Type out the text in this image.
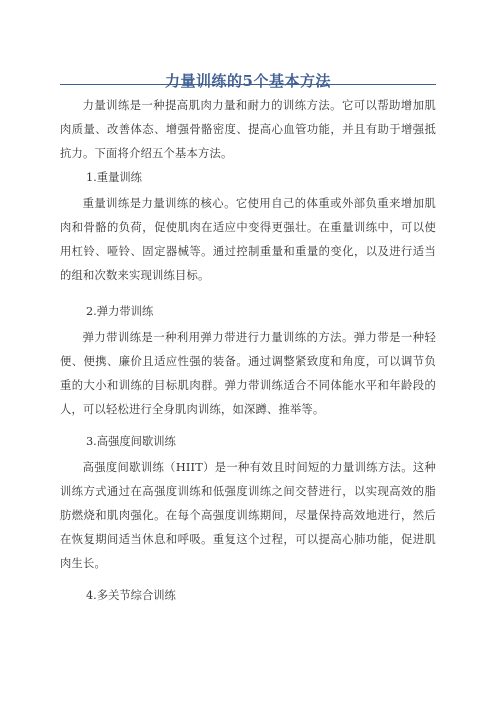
力量训练的5个基本方法

力量训练是一种提高肌肉力量和耐力的训练方法。它可以帮助增加肌肉质量、改善体态、增强骨骼密度、提高心血管功能，并且有助于增强抵抗力。下面将介绍五个基本方法。

1.重量训练

重量训练是力量训练的核心。它使用自己的体重或外部负重来增加肌肉和骨骼的负荷，促使肌肉在适应中变得更强壮。在重量训练中，可以使用杠铃、哑铃、固定器械等。通过控制重量和重量的变化，以及进行适当的组和次数来实现训练目标。

2.弹力带训练

弹力带训练是一种利用弹力带进行力量训练的方法。弹力带是一种轻便、便携、廉价且适应性强的装备。通过调整紧致度和角度，可以调节负重的大小和训练的目标肌肉群。弹力带训练适合不同体能水平和年龄段的人，可以轻松进行全身肌肉训练，如深蹲、推举等。

3.高强度间歇训练

高强度间歇训练（HIIT）是一种有效且时间短的力量训练方法。这种训练方式通过在高强度训练和低强度训练之间交替进行，以实现高效的脂肪燃烧和肌肉强化。在每个高强度训练期间，尽量保持高效地进行，然后在恢复期间适当休息和呼吸。重复这个过程，可以提高心肺功能，促进肌肉生长。

4.多关节综合训练
